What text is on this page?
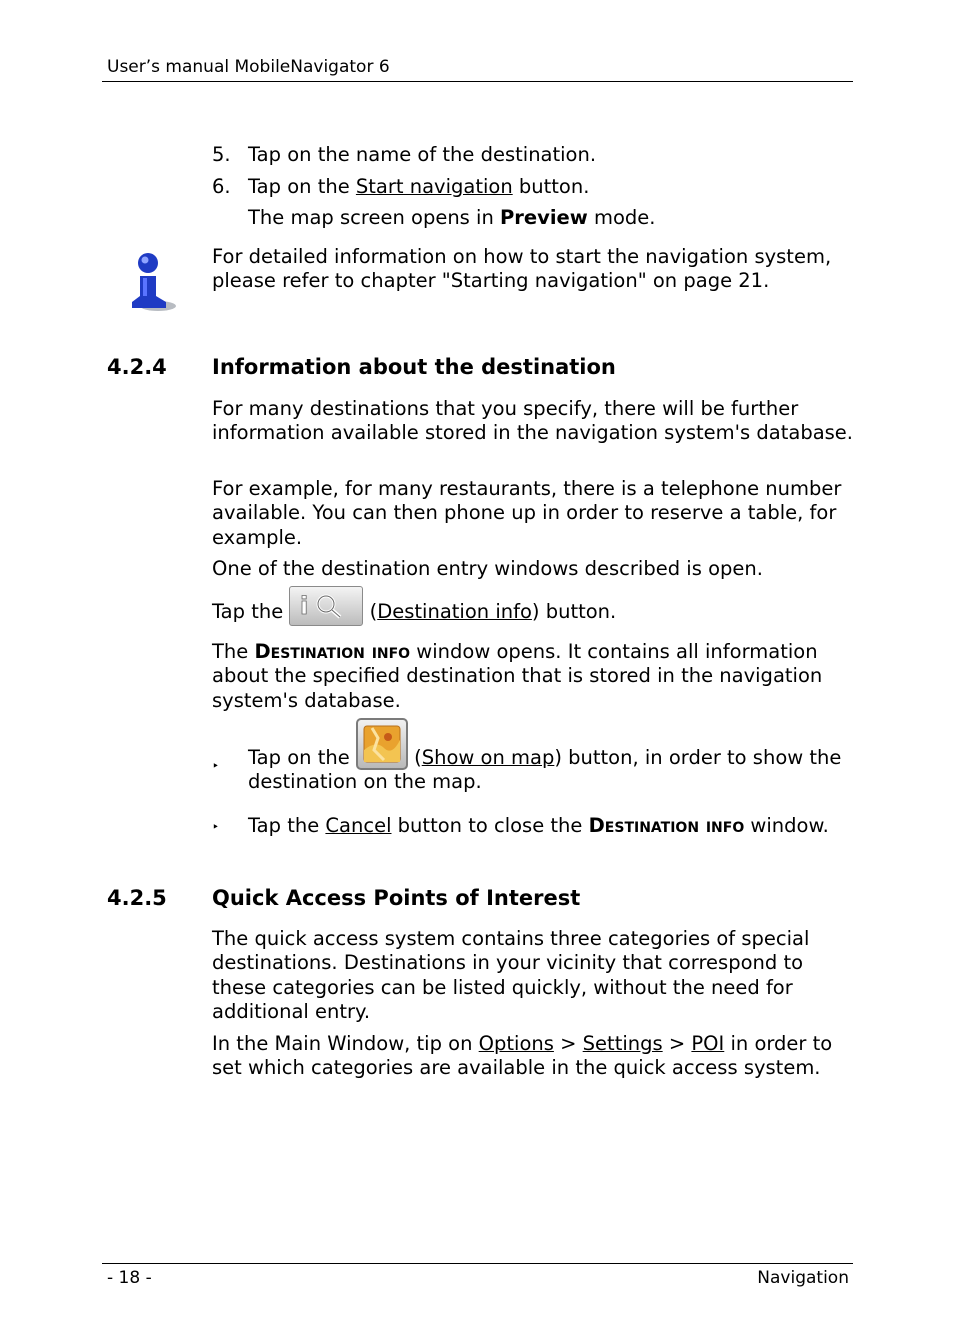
User’s manual MobileNavigator 6
5. Tap on the name of the destination.
6. Tap on the Start navigation button.
The map screen opens in Preview mode.
For detailed information on how to start the navigation system, please refer to chapter "Starting navigation" on page 21.
4.2.4 Information about the destination
For many destinations that you specify, there will be further information available stored in the navigation system's database.
For example, for many restaurants, there is a telephone number available. You can then phone up in order to reserve a table, for example.
One of the destination entry windows described is open.
Tap the i	(Destination info) button.
The Destination info window opens. It contains all information about the specified destination that is stored in the navigation system's database.
‣ Tap on the	(Show on map) button, in order to show the destination on the map.
‣ Tap the Cancel button to close the Destination info window.
4.2.5 Quick Access Points of Interest
The quick access system contains three categories of special destinations. Destinations in your vicinity that correspond to these categories can be listed quickly, without the need for additional entry.
In the Main Window, tip on Options > Settings > POI in order to set which categories are available in the quick access system.
- 18 -	Navigation
